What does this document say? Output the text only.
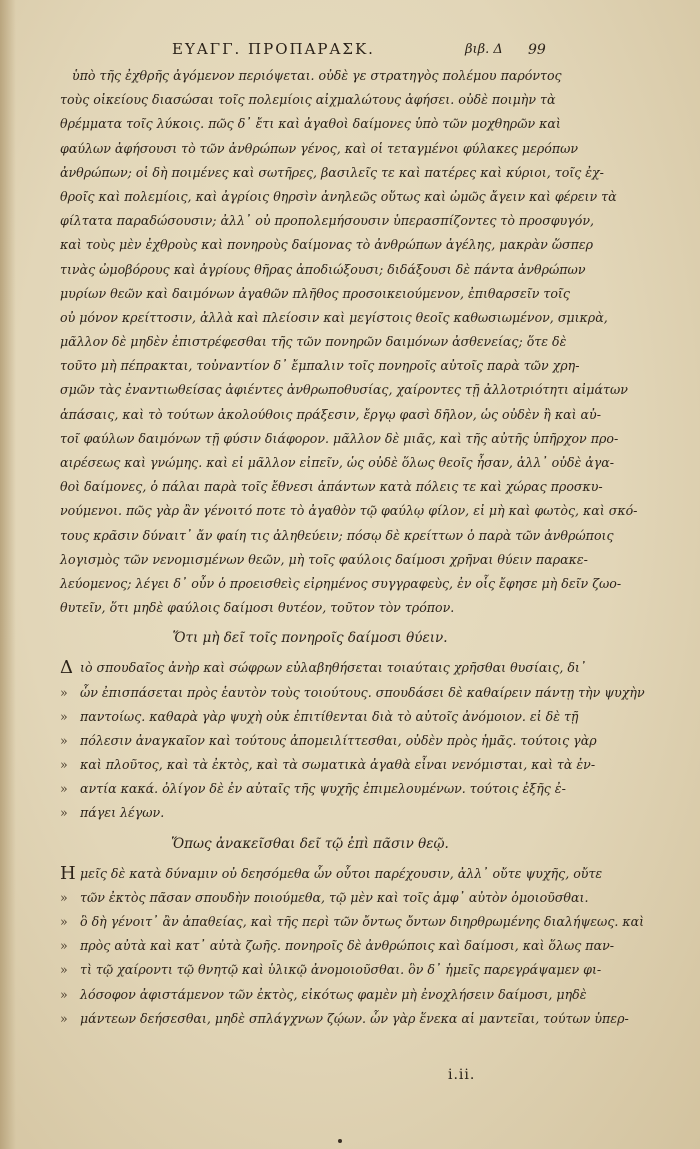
ΕΥΑΓΓ. ΠΡΟΠΑΡΑΣΚ.	βιβ. Δ 99
ὑπὸ τῆς ἐχθρῆς ἀγόμενον περιόψεται. οὐδὲ γε στρατηγὸς πολέμου παρόντος
τοὺς οἰκείους διασώσαι τοῖς πολεμίοις αἰχμαλώτους ἀφήσει. οὐδὲ ποιμὴν τὰ
θρέμματα τοῖς λύκοις. πῶς δ᾽ ἔτι καὶ ἀγαθοὶ δαίμονες ὑπὸ τῶν μοχθηρῶν καὶ
φαύλων ἀφήσουσι τὸ τῶν ἀνθρώπων γένος, καὶ οἱ τεταγμένοι φύλακες μερόπων
ἀνθρώπων; οἱ δὴ ποιμένες καὶ σωτῆρες, βασιλεῖς τε καὶ πατέρες καὶ κύριοι, τοῖς ἐχ-
θροῖς καὶ πολεμίοις, καὶ ἀγρίοις θηρσὶν ἀνηλεῶς οὕτως καὶ ὠμῶς ἄγειν καὶ φέρειν τὰ
φίλτατα παραδώσουσιν; ἀλλ᾽ οὐ προπολεμήσουσιν ὑπερασπίζοντες τὸ προσφυγόν,
καὶ τοὺς μὲν ἐχθροὺς καὶ πονηροὺς δαίμονας τὸ ἀνθρώπων ἀγέλης, μακρὰν ὥσπερ
τινὰς ὠμοβόρους καὶ ἀγρίους θῆρας ἀποδιώξουσι; διδάξουσι δὲ πάντα ἀνθρώπων
μυρίων θεῶν καὶ δαιμόνων ἀγαθῶν πλῆθος προσοικειούμενον, ἐπιθαρσεῖν τοῖς
οὐ μόνον κρείττοσιν, ἀλλὰ καὶ πλείοσιν καὶ μεγίστοις θεοῖς καθωσιωμένον, σμικρὰ,
μᾶλλον δὲ μηδὲν ἐπιστρέφεσθαι τῆς τῶν πονηρῶν δαιμόνων ἀσθενείας; ὅτε δὲ
τοῦτο μὴ πέπρακται, τοὐναντίον δ᾽ ἔμπαλιν τοῖς πονηροῖς αὐτοῖς παρὰ τῶν χρη-
σμῶν τὰς ἐναντιωθείσας ἀφιέντες ἀνθρωποθυσίας, χαίροντες τῇ ἀλλοτριότητι αἰμάτων
ἁπάσαις, καὶ τὸ τούτων ἀκολούθοις πράξεσιν, ἔργῳ φασὶ δῆλον, ὡς οὐδὲν ἢ καὶ αὐ-
τοῖ φαύλων δαιμόνων τῇ φύσιν διάφορον. μᾶλλον δὲ μιᾶς, καὶ τῆς αὐτῆς ὑπῆρχον προ-
αιρέσεως καὶ γνώμης. καὶ εἰ μᾶλλον εἰπεῖν, ὡς οὐδὲ ὅλως θεοῖς ἦσαν, ἀλλ᾽ οὐδὲ ἀγα-
θοὶ δαίμονες, ὁ πάλαι παρὰ τοῖς ἔθνεσι ἁπάντων κατὰ πόλεις τε καὶ χώρας προσκυ-
νούμενοι. πῶς γὰρ ἂν γένοιτό ποτε τὸ ἀγαθὸν τῷ φαύλῳ φίλον, εἰ μὴ καὶ φωτὸς, καὶ σκό-
τους κρᾶσιν δύναιτ᾽ ἄν φαίη τις ἀληθεύειν; πόσῳ δὲ κρείττων ὁ παρὰ τῶν ἀνθρώποις
λογισμὸς τῶν νενομισμένων θεῶν, μὴ τοῖς φαύλοις δαίμοσι χρῆναι θύειν παρακε-
λεύομενος; λέγει δ᾽ οὖν ὁ προεισθεὶς εἰρημένος συγγραφεὺς, ἐν οἷς ἔφησε μὴ δεῖν ζωο-
θυτεῖν, ὅτι μηδὲ φαύλοις δαίμοσι θυτέον, τοῦτον τὸν τρόπον.
Ὅτι μὴ δεῖ τοῖς πονηροῖς δαίμοσι θύειν.
Δ ιὸ σπουδαῖος ἀνὴρ καὶ σώφρων εὐλαβηθήσεται τοιαύταις χρῆσθαι θυσίαις, δι᾽
» ὧν ἐπισπάσεται πρὸς ἑαυτὸν τοὺς τοιούτους. σπουδάσει δὲ καθαίρειν πάντῃ τὴν ψυχὴν
» παντοίως. καθαρὰ γὰρ ψυχὴ οὐκ ἐπιτίθενται διὰ τὸ αὐτοῖς ἀνόμοιον. εἰ δὲ τῇ
» πόλεσιν ἀναγκαῖον καὶ τούτους ἀπομειλίττεσθαι, οὐδὲν πρὸς ἡμᾶς. τούτοις γὰρ
» καὶ πλοῦτος, καὶ τὰ ἐκτὸς, καὶ τὰ σωματικὰ ἀγαθὰ εἶναι νενόμισται, καὶ τὰ ἐν-
» αντία κακά. ὀλίγον δὲ ἐν αὐταῖς τῆς ψυχῆς ἐπιμελουμένων. τούτοις ἐξῆς ἐ-
» πάγει λέγων.
Ὅπως ἀνακεῖσθαι δεῖ τῷ ἐπὶ πᾶσιν θεῷ.
Η μεῖς δὲ κατὰ δύναμιν οὐ δεησόμεθα ὧν οὗτοι παρέχουσιν, ἀλλ᾽ οὔτε ψυχῆς, οὔτε
» τῶν ἐκτὸς πᾶσαν σπουδὴν ποιούμεθα, τῷ μὲν καὶ τοῖς ἀμφ᾽ αὐτὸν ὁμοιοῦσθαι.
» ὃ δὴ γένοιτ᾽ ἂν ἀπαθείας, καὶ τῆς περὶ τῶν ὄντως ὄντων διηρθρωμένης διαλήψεως. καὶ
» πρὸς αὐτὰ καὶ κατ᾽ αὐτὰ ζωῆς. πονηροῖς δὲ ἀνθρώποις καὶ δαίμοσι, καὶ ὅλως παν-
» τὶ τῷ χαίροντι τῷ θνητῷ καὶ ὑλικῷ ἀνομοιοῦσθαι. ὃν δ᾽ ἡμεῖς παρεγράψαμεν φι-
» λόσοφον ἀφιστάμενον τῶν ἐκτὸς, εἰκότως φαμὲν μὴ ἐνοχλήσειν δαίμοσι, μηδὲ
» μάντεων δεήσεσθαι, μηδὲ σπλάγχνων ζῴων. ὧν γὰρ ἕνεκα αἱ μαντεῖαι, τούτων ὑπερ-
i.ii.
